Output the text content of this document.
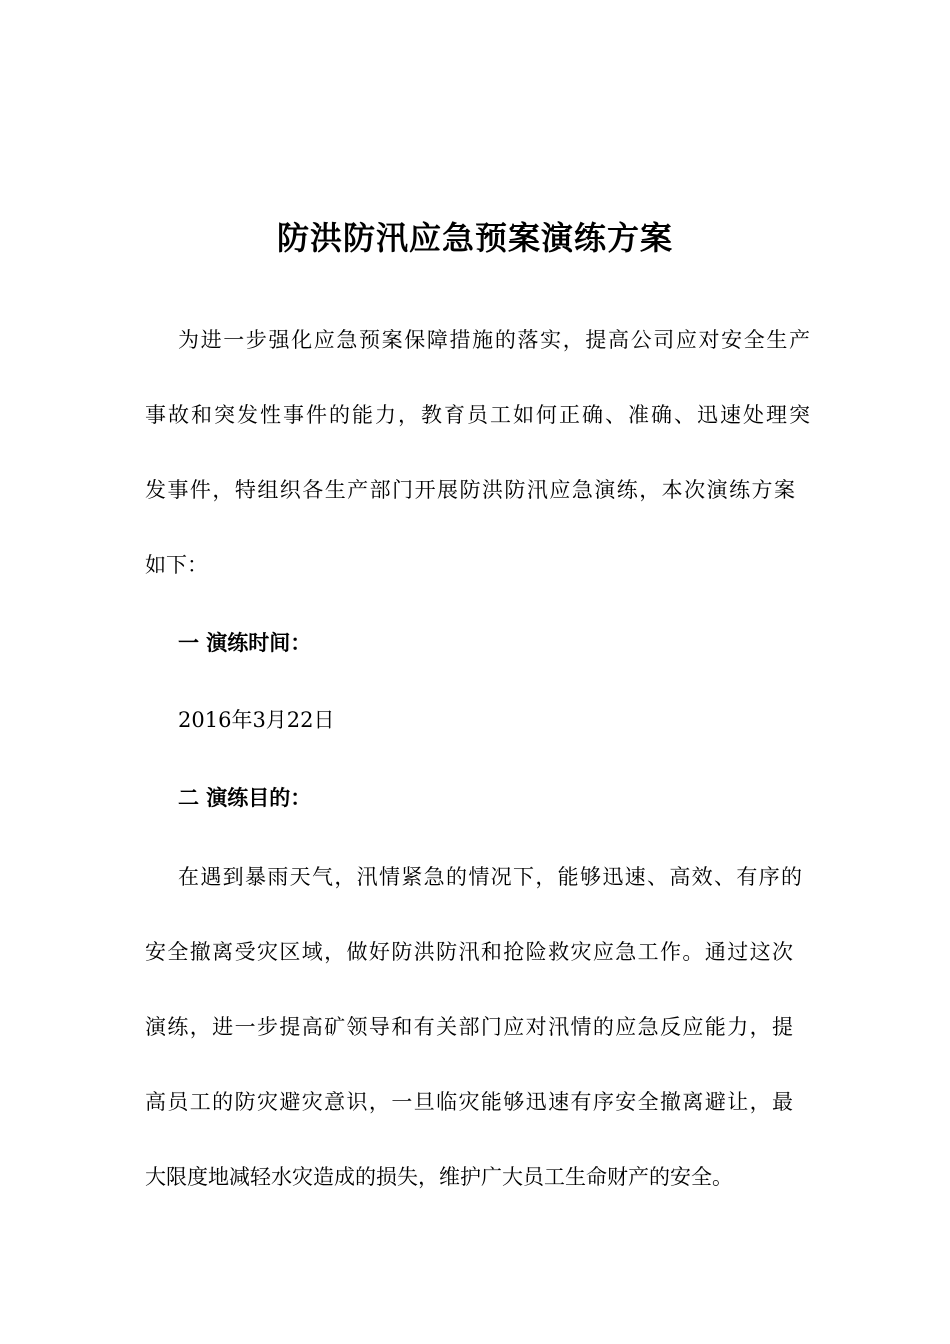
防洪防汛应急预案演练方案
为进一步强化应急预案保障措施的落实，提高公司应对安全生产
事故和突发性事件的能力，教育员工如何正确、准确、迅速处理突
发事件，特组织各生产部门开展防洪防汛应急演练，本次演练方案
如下：
一 演练时间：
2016年3月22日
二 演练目的：
在遇到暴雨天气，汛情紧急的情况下，能够迅速、高效、有序的
安全撤离受灾区域，做好防洪防汛和抢险救灾应急工作。通过这次
演练，进一步提高矿领导和有关部门应对汛情的应急反应能力，提
高员工的防灾避灾意识，一旦临灾能够迅速有序安全撤离避让，最
大限度地减轻水灾造成的损失，维护广大员工生命财产的安全。
